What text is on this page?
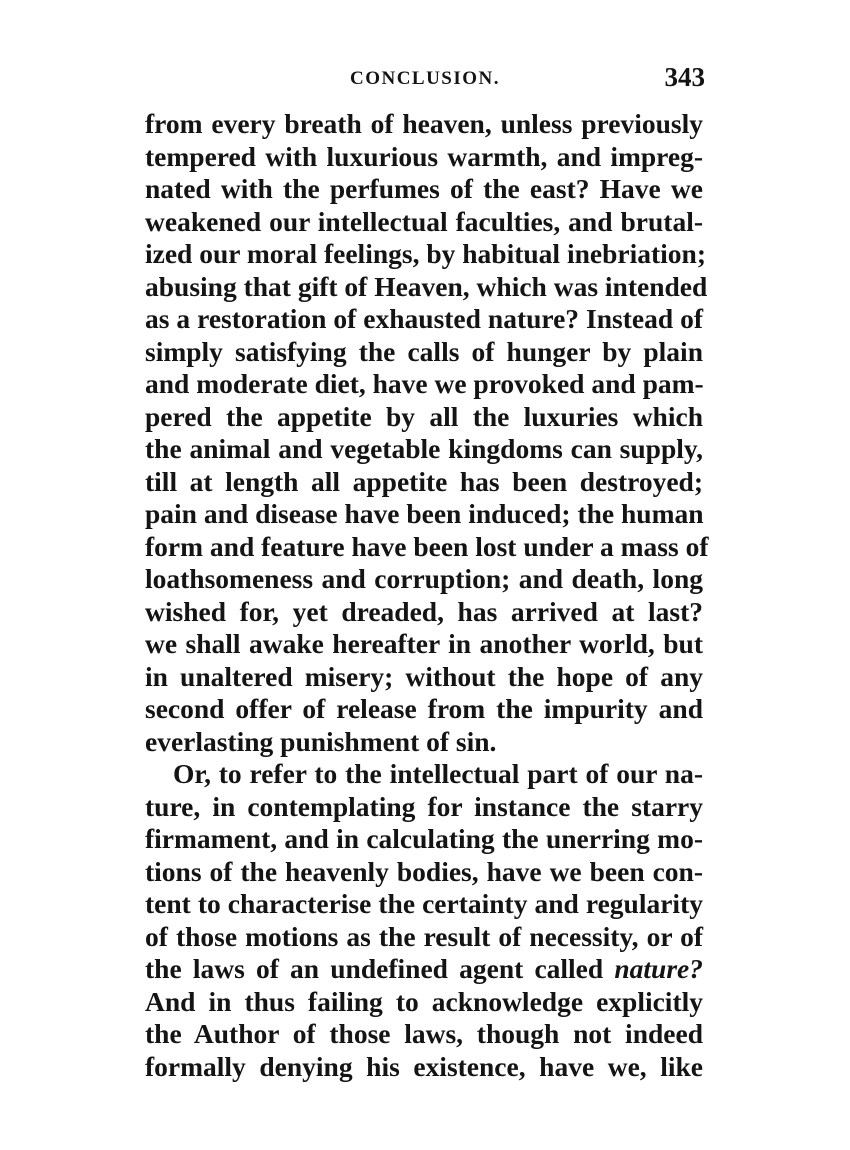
CONCLUSION.	343
from every breath of heaven, unless previously
tempered with luxurious warmth, and impreg-
nated with the perfumes of the east? Have we
weakened our intellectual faculties, and brutal-
ized our moral feelings, by habitual inebriation;
abusing that gift of Heaven, which was intended
as a restoration of exhausted nature? Instead of
simply satisfying the calls of hunger by plain
and moderate diet, have we provoked and pam-
pered the appetite by all the luxuries which
the animal and vegetable kingdoms can supply,
till at length all appetite has been destroyed;
pain and disease have been induced; the human
form and feature have been lost under a mass of
loathsomeness and corruption; and death, long
wished for, yet dreaded, has arrived at last?
we shall awake hereafter in another world, but
in unaltered misery; without the hope of any
second offer of release from the impurity and
everlasting punishment of sin.
Or, to refer to the intellectual part of our na-
ture, in contemplating for instance the starry
firmament, and in calculating the unerring mo-
tions of the heavenly bodies, have we been con-
tent to characterise the certainty and regularity
of those motions as the result of necessity, or of
the laws of an undefined agent called nature?
And in thus failing to acknowledge explicitly
the Author of those laws, though not indeed
formally denying his existence, have we, like
